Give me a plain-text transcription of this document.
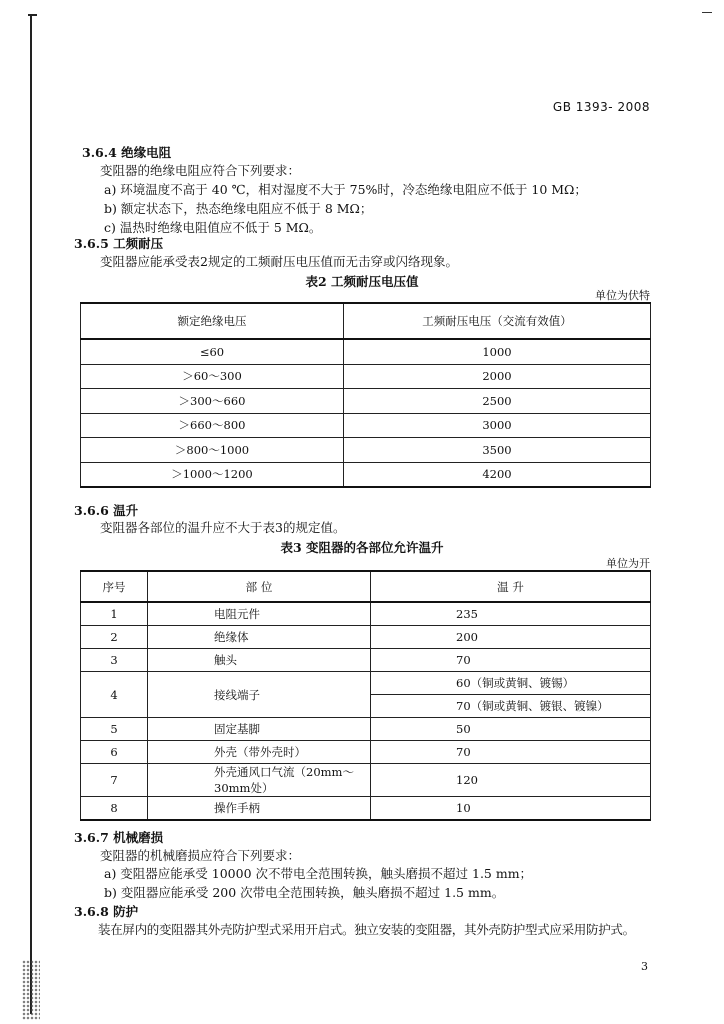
GB 1393- 2008
3.6.4 绝缘电阻
变阻器的绝缘电阻应符合下列要求：
a) 环境温度不高于 40 ℃，相对湿度不大于 75%时，冷态绝缘电阻应不低于 10 MΩ；
b) 额定状态下，热态绝缘电阻应不低于 8 MΩ；
c) 温热时绝缘电阻值应不低于 5 MΩ。
3.6.5 工频耐压
变阻器应能承受表2规定的工频耐压电压值而无击穿或闪络现象。
表2 工频耐压电压值
单位为伏特
额定绝缘电压	工频耐压电压（交流有效值）
≤60	1000
＞60～300	2000
＞300～660	2500
＞660～800	3000
＞800～1000	3500
＞1000～1200	4200
3.6.6 温升
变阻器各部位的温升应不大于表3的规定值。
表3 变阻器的各部位允许温升
单位为开
序号	部 位	温 升
1	电阻元件	235
2	绝缘体	200
3	触头	70
4	接线端子	60（铜或黄铜、镀锡）
		70（铜或黄铜、镀银、镀镍）
5	固定基脚	50
6	外壳（带外壳时）	70
7	外壳通风口气流（20mm～30mm处）	120
8	操作手柄	10
3.6.7 机械磨损
变阻器的机械磨损应符合下列要求：
a) 变阻器应能承受 10000 次不带电全范围转换，触头磨损不超过 1.5 mm；
b) 变阻器应能承受 200 次带电全范围转换，触头磨损不超过 1.5 mm。
3.6.8 防护
装在屏内的变阻器其外壳防护型式采用开启式。独立安装的变阻器，其外壳防护型式应采用防护式。
3
